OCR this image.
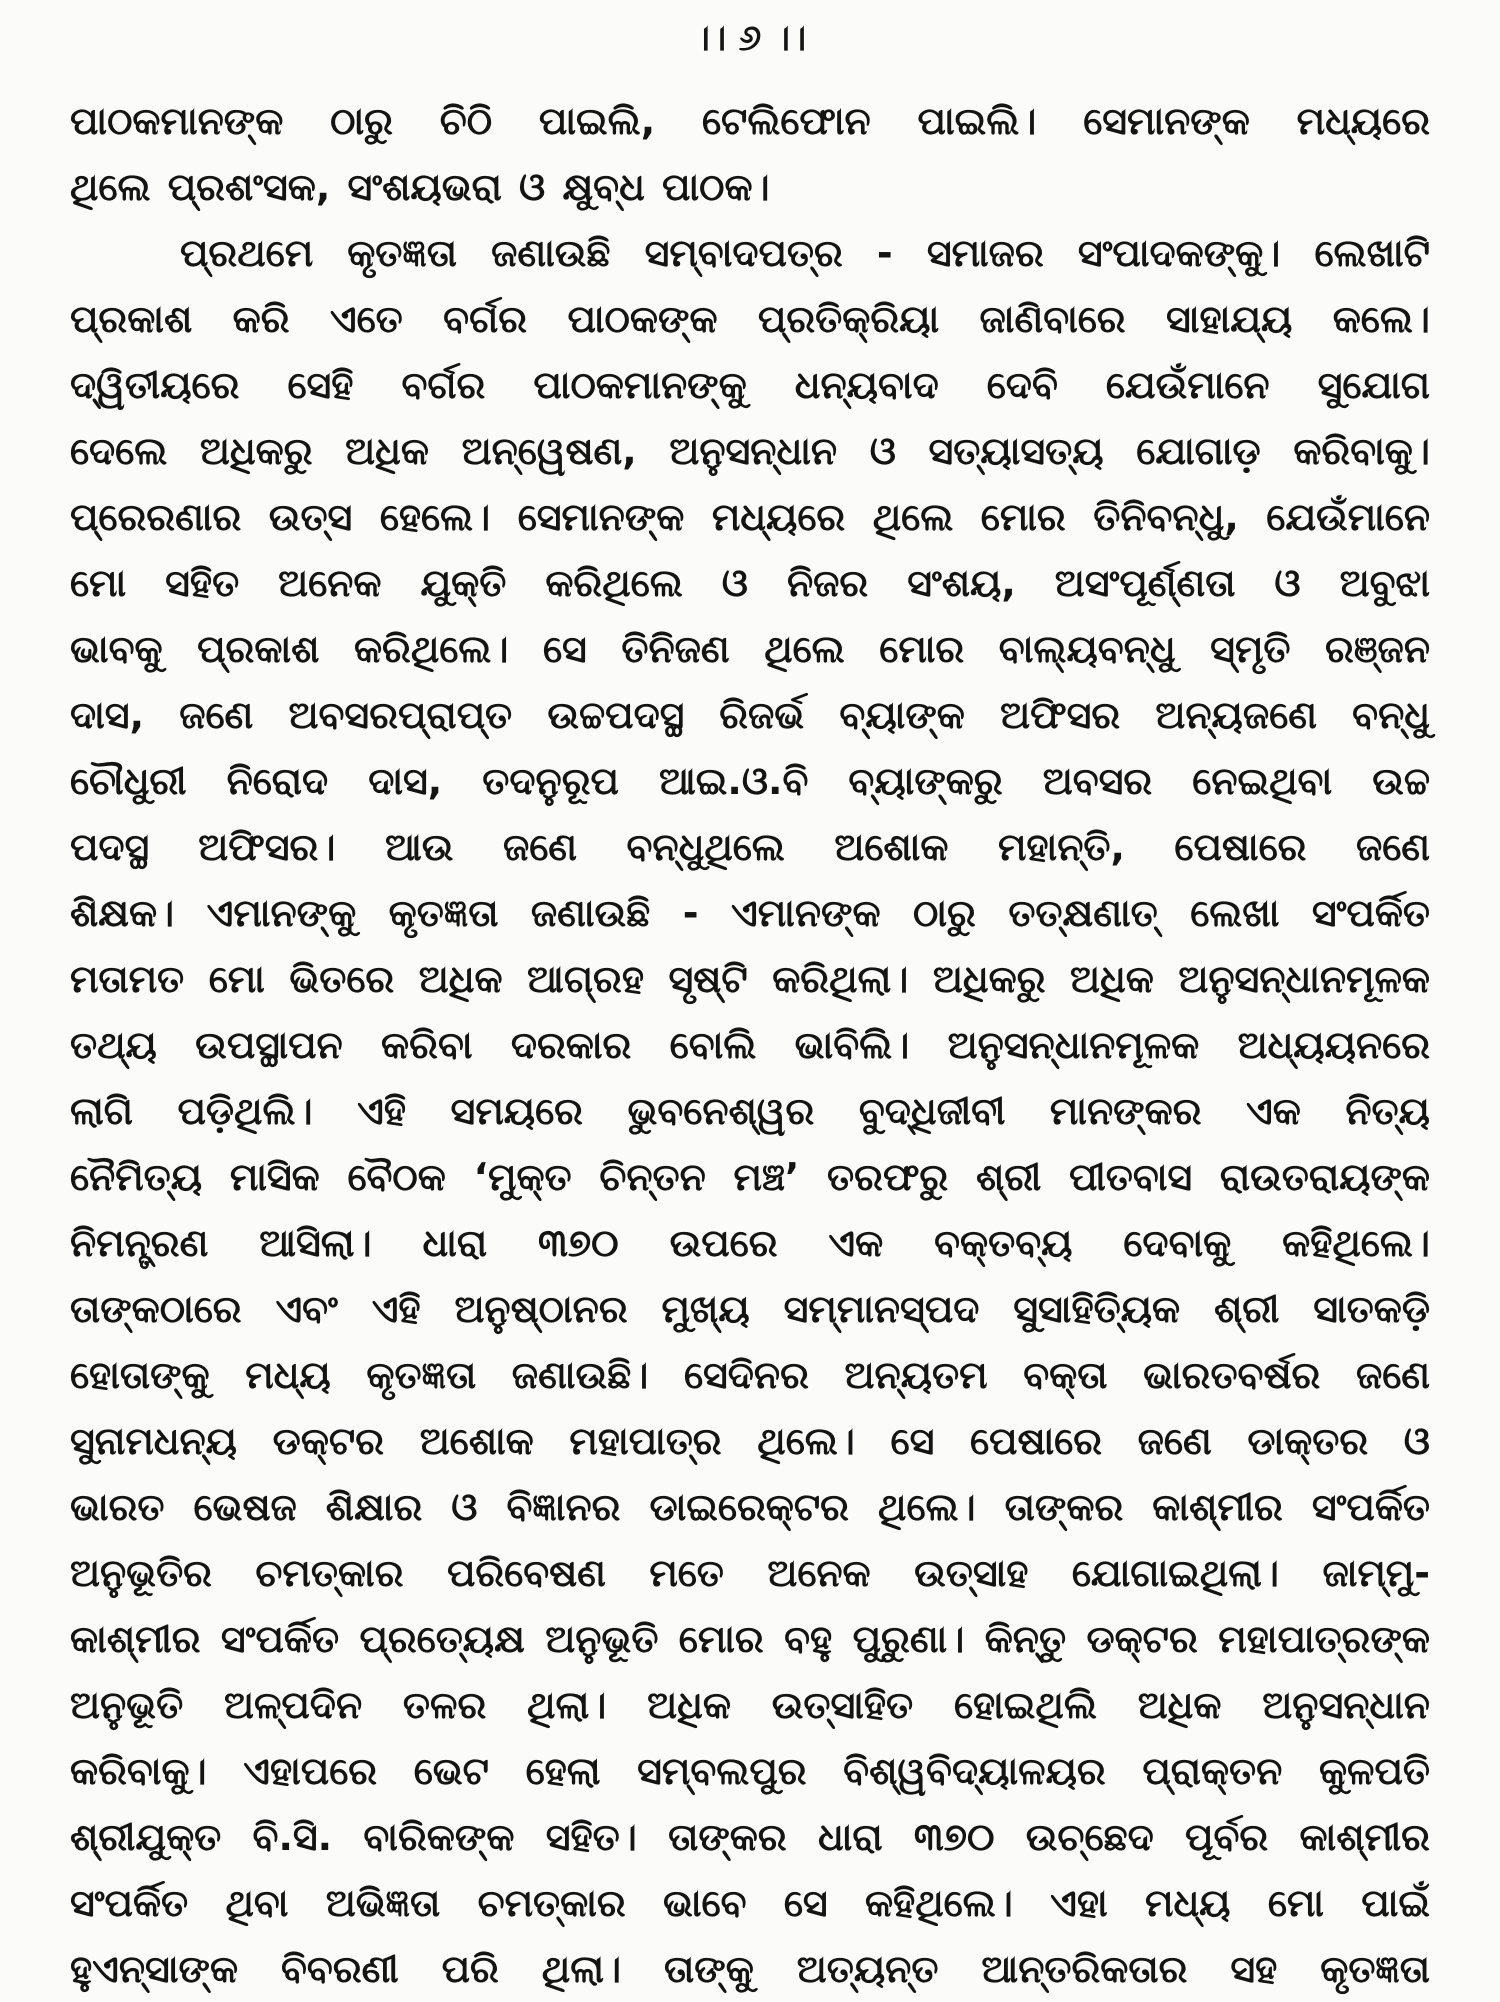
।। ୬ ।।
ପାଠକମାନଙ୍କ ଠାରୁ ଚିଠି ପାଇଲି, ଟେଲିଫୋନ ପାଇଲି। ସେମାନଙ୍କ ମଧ୍ୟରେ
ଥିଲେ ପ୍ରଶଂସକ, ସଂଶୟଭରା ଓ କ୍ଷୁବ୍ଧ ପାଠକ।
ପ୍ରଥମେ କୃତଜ୍ଞତା ଜଣାଉଛି ସମ୍ବାଦପତ୍ର - ସମାଜର ସଂପାଦକଙ୍କୁ। ଲେଖାଟି
ପ୍ରକାଶ କରି ଏତେ ବର୍ଗର ପାଠକଙ୍କ ପ୍ରତିକ୍ରିୟା ଜାଣିବାରେ ସାହାଯ୍ୟ କଲେ।
ଦ୍ୱିତୀୟରେ ସେହି ବର୍ଗର ପାଠକମାନଙ୍କୁ ଧନ୍ୟବାଦ ଦେବି ଯେଉଁମାନେ ସୁଯୋଗ
ଦେଲେ ଅଧିକରୁ ଅଧିକ ଅନ୍ୱେଷଣ, ଅନୁସନ୍ଧାନ ଓ ସତ୍ୟାସତ୍ୟ ଯୋଗାଡ଼ କରିବାକୁ।
ପ୍ରେରଣାର ଉତ୍ସ ହେଲେ। ସେମାନଙ୍କ ମଧ୍ୟରେ ଥିଲେ ମୋର ତିନିବନ୍ଧୁ, ଯେଉଁମାନେ
ମୋ ସହିତ ଅନେକ ଯୁକ୍ତି କରିଥିଲେ ଓ ନିଜର ସଂଶୟ, ଅସଂପୂର୍ଣ୍ଣତା ଓ ଅବୁଝା
ଭାବକୁ ପ୍ରକାଶ କରିଥିଲେ। ସେ ତିନିଜଣ ଥିଲେ ମୋର ବାଲ୍ୟବନ୍ଧୁ ସ୍ମୃତି ରଞ୍ଜନ
ଦାସ, ଜଣେ ଅବସରପ୍ରାପ୍ତ ଉଚ୍ଚପଦସ୍ଥ ରିଜର୍ଭ ବ୍ୟାଙ୍କ ଅଫିସର ଅନ୍ୟଜଣେ ବନ୍ଧୁ
ଚୌଧୁରୀ ନିରୋଦ ଦାସ, ତଦନୁରୂପ ଆଇ.ଓ.ବି ବ୍ୟାଙ୍କରୁ ଅବସର ନେଇଥିବା ଉଚ୍ଚ
ପଦସ୍ଥ ଅଫିସର। ଆଉ ଜଣେ ବନ୍ଧୁଥିଲେ ଅଶୋକ ମହାନ୍ତି, ପେଷାରେ ଜଣେ
ଶିକ୍ଷକ। ଏମାନଙ୍କୁ କୃତଜ୍ଞତା ଜଣାଉଛି - ଏମାନଙ୍କ ଠାରୁ ତତ୍‌କ୍ଷଣାତ୍ ଲେଖା ସଂପର୍କିତ
ମତାମତ ମୋ ଭିତରେ ଅଧିକ ଆଗ୍ରହ ସୃଷ୍ଟି କରିଥିଲା। ଅଧିକରୁ ଅଧିକ ଅନୁସନ୍ଧାନମୂଳକ
ତଥ୍ୟ ଉପସ୍ଥାପନ କରିବା ଦରକାର ବୋଲି ଭାବିଲି। ଅନୁସନ୍ଧାନମୂଳକ ଅଧ୍ୟୟନରେ
ଲାଗି ପଡ଼ିଥିଲି। ଏହି ସମୟରେ ଭୁବନେଶ୍ୱର ବୁଦ୍ଧିଜୀବୀ ମାନଙ୍କର ଏକ ନିତ୍ୟ
ନୈମିତ୍ୟ ମାସିକ ବୈଠକ ‘ମୁକ୍ତ ଚିନ୍ତନ ମଞ୍ଚ’ ତରଫରୁ ଶ୍ରୀ ପୀତବାସ ରାଉତରାୟଙ୍କ
ନିମନ୍ତ୍ରଣ ଆସିଲା। ଧାରା ୩୭୦ ଉପରେ ଏକ ବକ୍ତବ୍ୟ ଦେବାକୁ କହିଥିଲେ।
ତାଙ୍କଠାରେ ଏବଂ ଏହି ଅନୁଷ୍ଠାନର ମୁଖ୍ୟ ସମ୍ମାନସ୍ପଦ ସୁସାହିତ୍ୟିକ ଶ୍ରୀ ସାତକଡ଼ି
ହୋତାଙ୍କୁ ମଧ୍ୟ କୃତଜ୍ଞତା ଜଣାଉଛି। ସେଦିନର ଅନ୍ୟତମ ବକ୍ତା ଭାରତବର୍ଷର ଜଣେ
ସୁନାମଧନ୍ୟ ଡକ୍ଟର ଅଶୋକ ମହାପାତ୍ର ଥିଲେ। ସେ ପେଷାରେ ଜଣେ ଡାକ୍ତର ଓ
ଭାରତ ଭେଷଜ ଶିକ୍ଷାର ଓ ବିଜ୍ଞାନର ଡାଇରେକ୍ଟର ଥିଲେ। ତାଙ୍କର କାଶ୍ମୀର ସଂପର୍କିତ
ଅନୁଭୂତିର ଚମତ୍କାର ପରିବେଷଣ ମତେ ଅନେକ ଉତ୍ସାହ ଯୋଗାଇଥିଲା। ଜାମ୍ମୁ-
କାଶ୍ମୀର ସଂପର୍କିତ ପ୍ରତ୍ୟେକ୍ଷ ଅନୁଭୂତି ମୋର ବହୁ ପୁରୁଣା। କିନ୍ତୁ ଡକ୍ଟର ମହାପାତ୍ରଙ୍କ
ଅନୁଭୂତି ଅଳ୍ପଦିନ ତଳର ଥିଲା। ଅଧିକ ଉତ୍ସାହିତ ହୋଇଥିଲି ଅଧିକ ଅନୁସନ୍ଧାନ
କରିବାକୁ। ଏହାପରେ ଭେଟ ହେଲା ସମ୍ବଲପୁର ବିଶ୍ୱବିଦ୍ୟାଳୟର ପ୍ରାକ୍ତନ କୁଳପତି
ଶ୍ରୀଯୁକ୍ତ ବି.ସି. ବାରିକଙ୍କ ସହିତ। ତାଙ୍କର ଧାରା ୩୭୦ ଉଚ୍ଛେଦ ପୂର୍ବର କାଶ୍ମୀର
ସଂପର୍କିତ ଥିବା ଅଭିଜ୍ଞତା ଚମତ୍କାର ଭାବେ ସେ କହିଥିଲେ। ଏହା ମଧ୍ୟ ମୋ ପାଇଁ
ହୁଏନ୍‌ସାଙ୍କ ବିବରଣୀ ପରି ଥିଲା। ତାଙ୍କୁ ଅତ୍ୟନ୍ତ ଆନ୍ତରିକତାର ସହ କୃତଜ୍ଞତା
